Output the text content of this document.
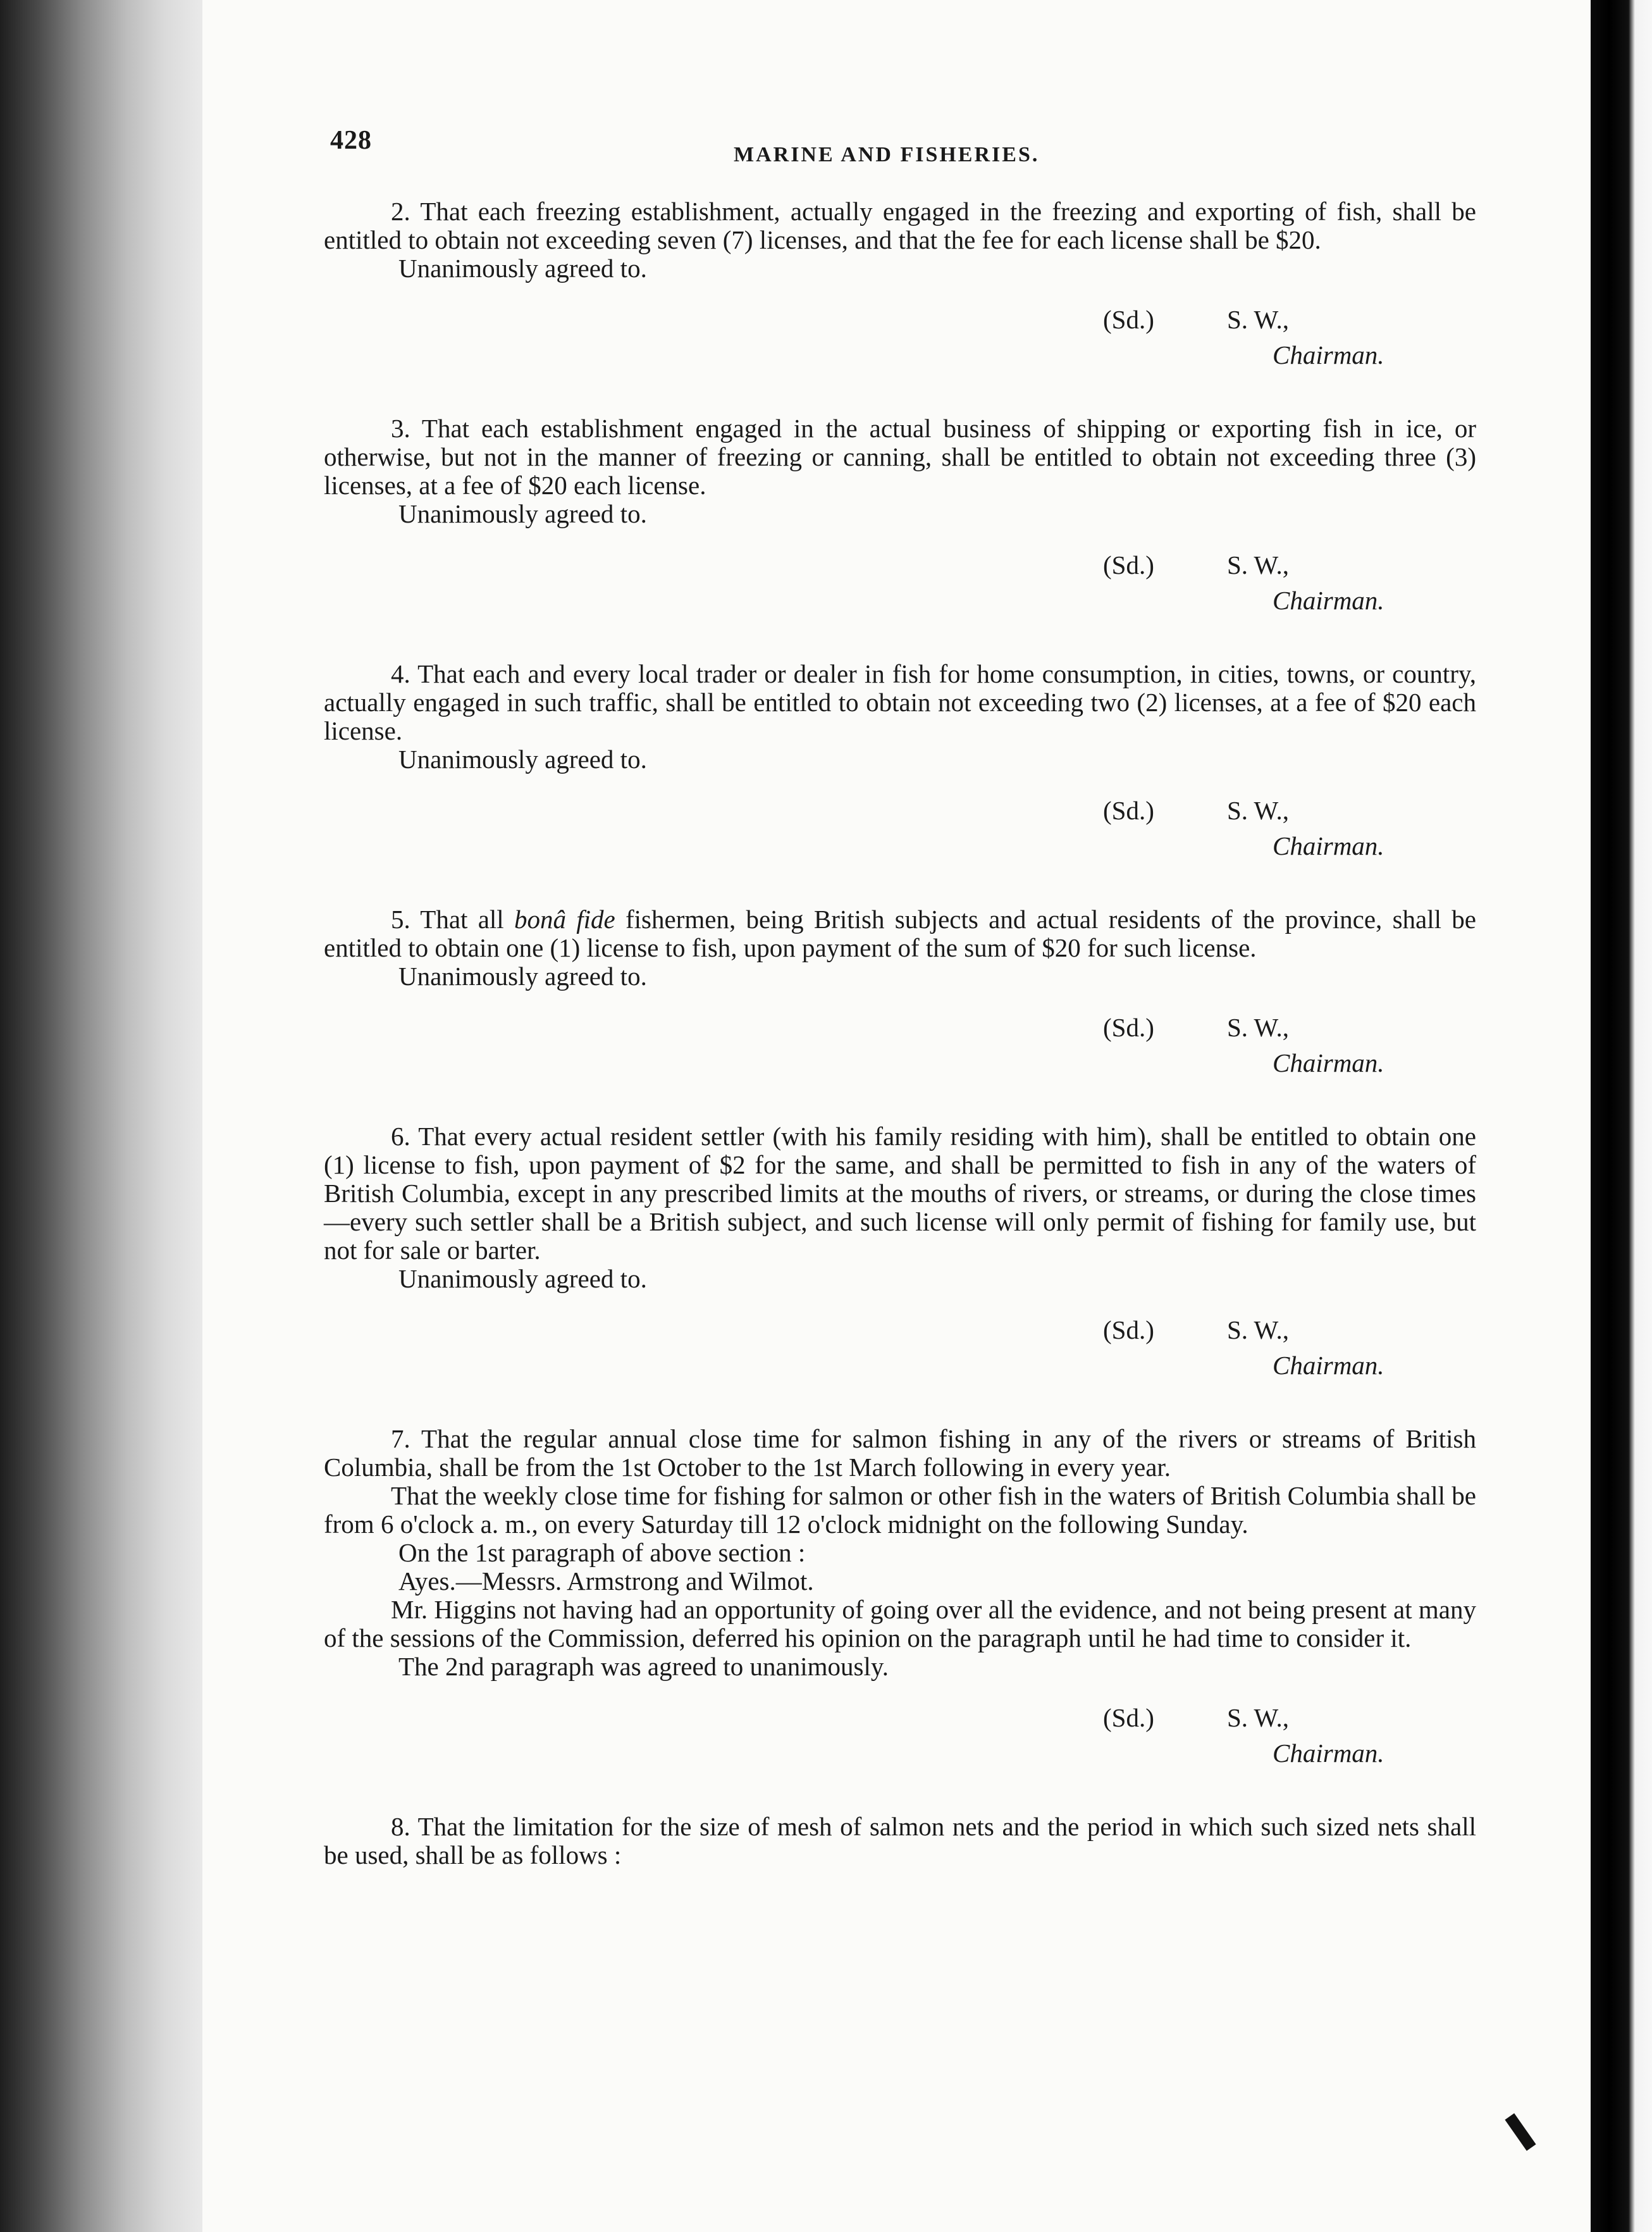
428	MARINE AND FISHERIES.

2. That each freezing establishment, actually engaged in the freezing and exporting of fish, shall be entitled to obtain not exceeding seven (7) licenses, and that the fee for each license shall be $20.

Unanimously agreed to.

(Sd.)	S. W.,
Chairman.

3. That each establishment engaged in the actual business of shipping or exporting fish in ice, or otherwise, but not in the manner of freezing or canning, shall be entitled to obtain not exceeding three (3) licenses, at a fee of $20 each license.

Unanimously agreed to.

(Sd.)	S. W.,
Chairman.

4. That each and every local trader or dealer in fish for home consumption, in cities, towns, or country, actually engaged in such traffic, shall be entitled to obtain not exceeding two (2) licenses, at a fee of $20 each license.

Unanimously agreed to.

(Sd.)	S. W.,
Chairman.

5. That all bonâ fide fishermen, being British subjects and actual residents of the province, shall be entitled to obtain one (1) license to fish, upon payment of the sum of $20 for such license.

Unanimously agreed to.

(Sd.)	S. W.,
Chairman.

6. That every actual resident settler (with his family residing with him), shall be entitled to obtain one (1) license to fish, upon payment of $2 for the same, and shall be permitted to fish in any of the waters of British Columbia, except in any prescribed limits at the mouths of rivers, or streams, or during the close times—every such settler shall be a British subject, and such license will only permit of fishing for family use, but not for sale or barter.

Unanimously agreed to.

(Sd.)	S. W.,
Chairman.

7. That the regular annual close time for salmon fishing in any of the rivers or streams of British Columbia, shall be from the 1st October to the 1st March following in every year.

That the weekly close time for fishing for salmon or other fish in the waters of British Columbia shall be from 6 o'clock a. m., on every Saturday till 12 o'clock midnight on the following Sunday.

On the 1st paragraph of above section :

Ayes.—Messrs. Armstrong and Wilmot.

Mr. Higgins not having had an opportunity of going over all the evidence, and not being present at many of the sessions of the Commission, deferred his opinion on the paragraph until he had time to consider it.

The 2nd paragraph was agreed to unanimously.

(Sd.)	S. W.,
Chairman.

8. That the limitation for the size of mesh of salmon nets and the period in which such sized nets shall be used, shall be as follows :
